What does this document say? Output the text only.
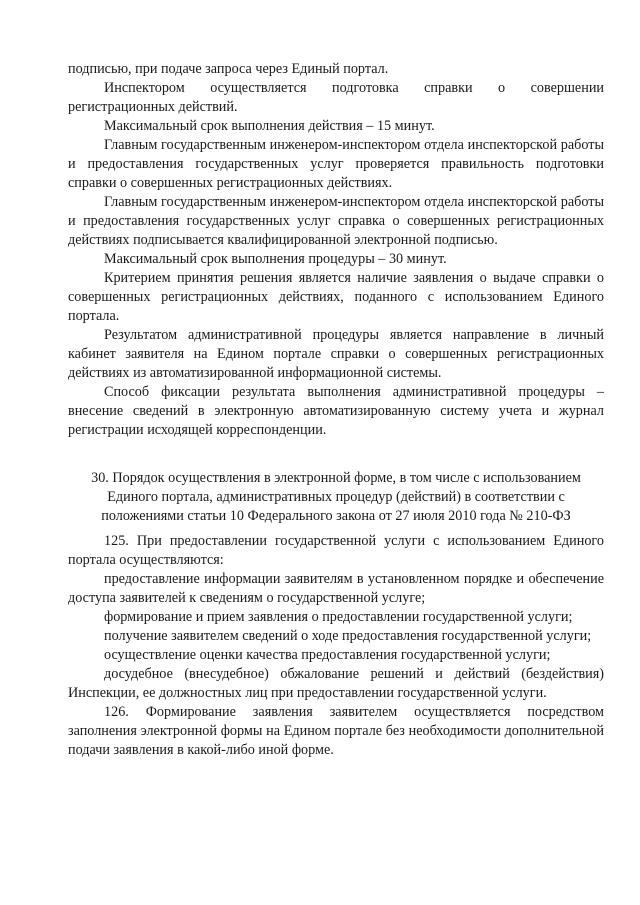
подписью, при подаче запроса через Единый портал.

Инспектором осуществляется подготовка справки о совершении регистрационных действий.

Максимальный срок выполнения действия – 15 минут.

Главным государственным инженером-инспектором отдела инспекторской работы и предоставления государственных услуг проверяется правильность подготовки справки о совершенных регистрационных действиях.

Главным государственным инженером-инспектором отдела инспекторской работы и предоставления государственных услуг справка о совершенных регистрационных действиях подписывается квалифицированной электронной подписью.

Максимальный срок выполнения процедуры – 30 минут.

Критерием принятия решения является наличие заявления о выдаче справки о совершенных регистрационных действиях, поданного с использованием Единого портала.

Результатом административной процедуры является направление в личный кабинет заявителя на Едином портале справки о совершенных регистрационных действиях из автоматизированной информационной системы.

Способ фиксации результата выполнения административной процедуры – внесение сведений в электронную автоматизированную систему учета и журнал регистрации исходящей корреспонденции.

30. Порядок осуществления в электронной форме, в том числе с использованием
Единого портала, административных процедур (действий) в соответствии с
положениями статьи 10 Федерального закона от 27 июля 2010 года № 210-ФЗ

125. При предоставлении государственной услуги с использованием Единого портала осуществляются:

предоставление информации заявителям в установленном порядке и обеспечение доступа заявителей к сведениям о государственной услуге;

формирование и прием заявления о предоставлении государственной услуги;

получение заявителем сведений о ходе предоставления государственной услуги;

осуществление оценки качества предоставления государственной услуги;

досудебное (внесудебное) обжалование решений и действий (бездействия) Инспекции, ее должностных лиц при предоставлении государственной услуги.

126. Формирование заявления заявителем осуществляется посредством заполнения электронной формы на Едином портале без необходимости дополнительной подачи заявления в какой-либо иной форме.
